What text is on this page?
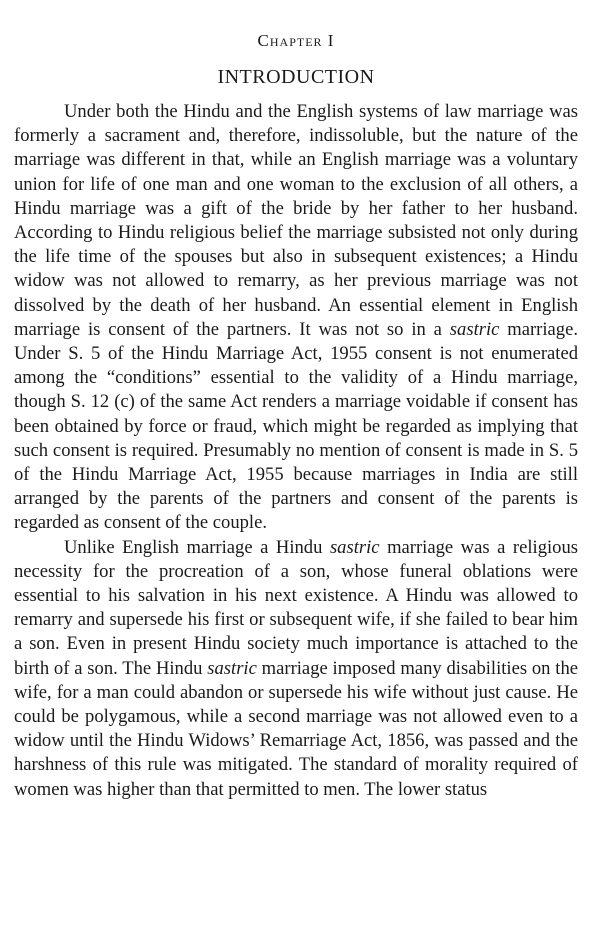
Chapter I
INTRODUCTION

Under both the Hindu and the English systems of law marriage was formerly a sacrament and, therefore, indissoluble, but the nature of the marriage was different in that, while an English marriage was a voluntary union for life of one man and one woman to the exclusion of all others, a Hindu marriage was a gift of the bride by her father to her husband. According to Hindu religious belief the marriage subsisted not only during the life time of the spouses but also in subsequent existences; a Hindu widow was not allowed to remarry, as her previous marriage was not dissolved by the death of her husband. An essential element in English marriage is consent of the partners. It was not so in a sastric marriage. Under S. 5 of the Hindu Marriage Act, 1955 consent is not enumerated among the “conditions” essential to the validity of a Hindu marriage, though S. 12 (c) of the same Act renders a marriage voidable if consent has been obtained by force or fraud, which might be regarded as implying that such consent is required. Presumably no mention of consent is made in S. 5 of the Hindu Marriage Act, 1955 because marriages in India are still arranged by the parents of the partners and consent of the parents is regarded as consent of the couple.

Unlike English marriage a Hindu sastric marriage was a religious necessity for the procreation of a son, whose funeral oblations were essential to his salvation in his next existence. A Hindu was allowed to remarry and supersede his first or subsequent wife, if she failed to bear him a son. Even in present Hindu society much importance is attached to the birth of a son. The Hindu sastric marriage imposed many disabilities on the wife, for a man could abandon or supersede his wife without just cause. He could be polygamous, while a second marriage was not allowed even to a widow until the Hindu Widows’ Remarriage Act, 1856, was passed and the harshness of this rule was mitigated. The standard of morality required of women was higher than that permitted to men. The lower status
